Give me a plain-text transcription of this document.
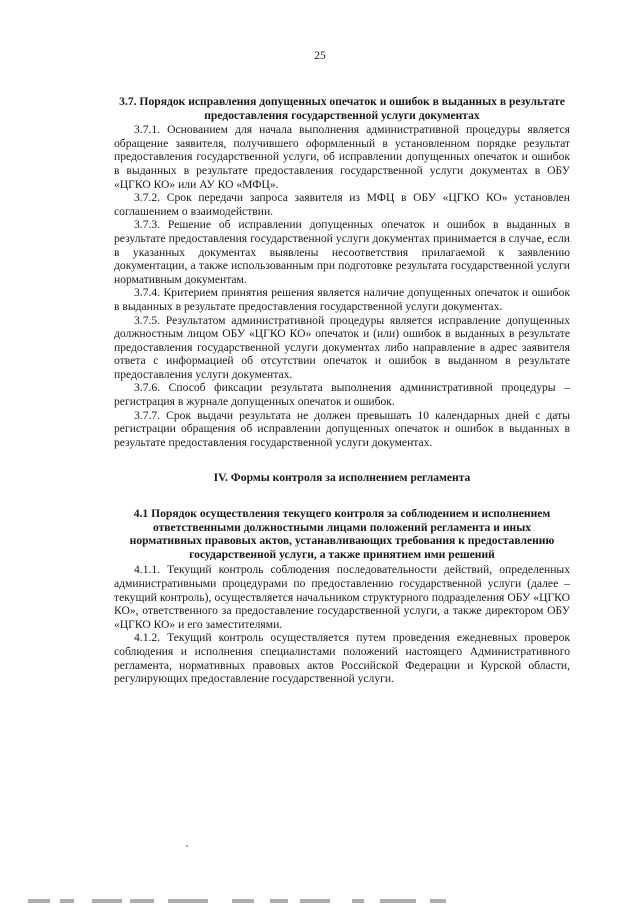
25

3.7. Порядок исправления допущенных опечаток и ошибок в выданных в результате предоставления государственной услуги документах

3.7.1. Основанием для начала выполнения административной процедуры является обращение заявителя, получившего оформленный в установленном порядке результат предоставления государственной услуги, об исправлении допущенных опечаток и ошибок в выданных в результате предоставления государственной услуги документах в ОБУ «ЦГКО КО» или АУ КО «МФЦ».

3.7.2. Срок передачи запроса заявителя из МФЦ в ОБУ «ЦГКО КО» установлен соглашением о взаимодействии.

3.7.3. Решение об исправлении допущенных опечаток и ошибок в выданных в результате предоставления государственной услуги документах принимается в случае, если в указанных документах выявлены несоответствия прилагаемой к заявлению документации, а также использованным при подготовке результата государственной услуги нормативным документам.

3.7.4. Критерием принятия решения является наличие допущенных опечаток и ошибок в выданных в результате предоставления государственной услуги документах.

3.7.5. Результатом административной процедуры является исправление допущенных должностным лицом ОБУ «ЦГКО КО» опечаток и (или) ошибок в выданных в результате предоставления государственной услуги документах либо направление в адрес заявителя ответа с информацией об отсутствии опечаток и ошибок в выданном в результате предоставления услуги документах.

3.7.6. Способ фиксации результата выполнения административной процедуры – регистрация в журнале допущенных опечаток и ошибок.

3.7.7. Срок выдачи результата не должен превышать 10 календарных дней с даты регистрации обращения об исправлении допущенных опечаток и ошибок в выданных в результате предоставления государственной услуги документах.

IV. Формы контроля за исполнением регламента

4.1 Порядок осуществления текущего контроля за соблюдением и исполнением ответственными должностными лицами положений регламента и иных нормативных правовых актов, устанавливающих требования к предоставлению государственной услуги, а также принятием ими решений

4.1.1. Текущий контроль соблюдения последовательности действий, определенных административными процедурами по предоставлению государственной услуги (далее – текущий контроль), осуществляется начальником структурного подразделения ОБУ «ЦГКО КО», ответственного за предоставление государственной услуги, а также директором ОБУ «ЦГКО КО» и его заместителями.

4.1.2. Текущий контроль осуществляется путем проведения ежедневных проверок соблюдения и исполнения специалистами положений настоящего Административного регламента, нормативных правовых актов Российской Федерации и Курской области, регулирующих предоставление государственной услуги.
